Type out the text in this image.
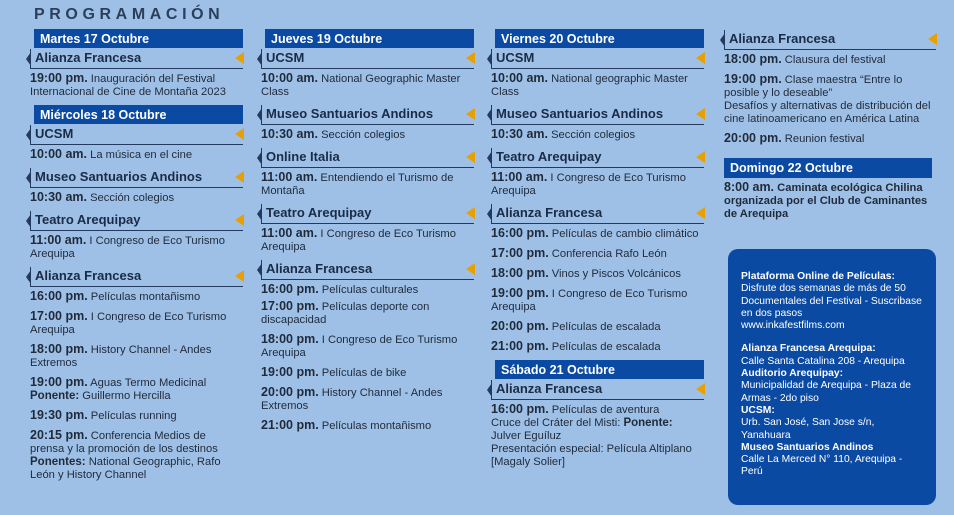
PROGRAMACIÓN
Martes 17 Octubre
Alianza Francesa
19:00 pm. Inauguración del Festival Internacional de Cine de Montaña 2023
Miércoles 18 Octubre
UCSM
10:00 am. La música en el cine
Museo Santuarios Andinos
10:30 am. Sección colegios
Teatro Arequipay
11:00 am. I Congreso de Eco Turismo Arequipa
Alianza Francesa
16:00 pm. Películas montañismo
17:00 pm. I Congreso de Eco Turismo Arequipa
18:00 pm. History Channel - Andes Extremos
19:00 pm. Aguas Termo Medicinal
Ponente: Guillermo Hercilla
19:30 pm. Películas running
20:15 pm. Conferencia Medios de prensa y la promoción de los destinos
Ponentes: National Geographic, Rafo León y History Channel
Jueves 19 Octubre
UCSM
10:00 am. National Geographic Master Class
Museo Santuarios Andinos
10:30 am. Sección colegios
Online Italia
11:00 am. Entendiendo el Turismo de Montaña
Teatro Arequipay
11:00 am. I Congreso de Eco Turismo Arequipa
Alianza Francesa
16:00 pm. Películas culturales
17:00 pm. Películas deporte con discapacidad
18:00 pm. I Congreso de Eco Turismo Arequipa
19:00 pm. Películas de bike
20:00 pm. History Channel - Andes Extremos
21:00 pm. Películas montañismo
Viernes 20 Octubre
UCSM
10:00 am. National geographic Master Class
Museo Santuarios Andinos
10:30 am. Sección colegios
Teatro Arequipay
11:00 am. I Congreso de Eco Turismo Arequipa
Alianza Francesa
16:00 pm. Películas de cambio climático
17:00 pm. Conferencia Rafo León
18:00 pm. Vinos y Piscos Volcánicos
19:00 pm. I Congreso de Eco Turismo Arequipa
20:00 pm. Películas de escalada
21:00 pm. Películas de escalada
Sábado 21 Octubre
Alianza Francesa
16:00 pm. Películas de aventura
Cruce del Cráter del Misti: Ponente:
Julver Eguíluz
Presentación especial: Película Altiplano [Magaly Solier]
Alianza Francesa
18:00 pm. Clausura del festival
19:00 pm. Clase maestra “Entre lo posible y lo deseable”
Desafíos y alternativas de distribución del cine latinoamericano en América Latina
20:00 pm. Reunion festival
Domingo 22 Octubre
8:00 am. Caminata ecológica Chilina organizada por el Club de Caminantes de Arequipa
Plataforma Online de Películas:
Disfrute dos semanas de más de 50 Documentales del Festival - Suscribase en dos pasos
www.inkafestfilms.com
Alianza Francesa Arequipa:
Calle Santa Catalina 208 - Arequipa
Auditorio Arequipay:
Municipalidad de Arequipa - Plaza de Armas - 2do piso
UCSM:
Urb. San José, San Jose s/n, Yanahuara
Museo Santuarios Andinos
Calle La Merced N° 110, Arequipa - Perú
